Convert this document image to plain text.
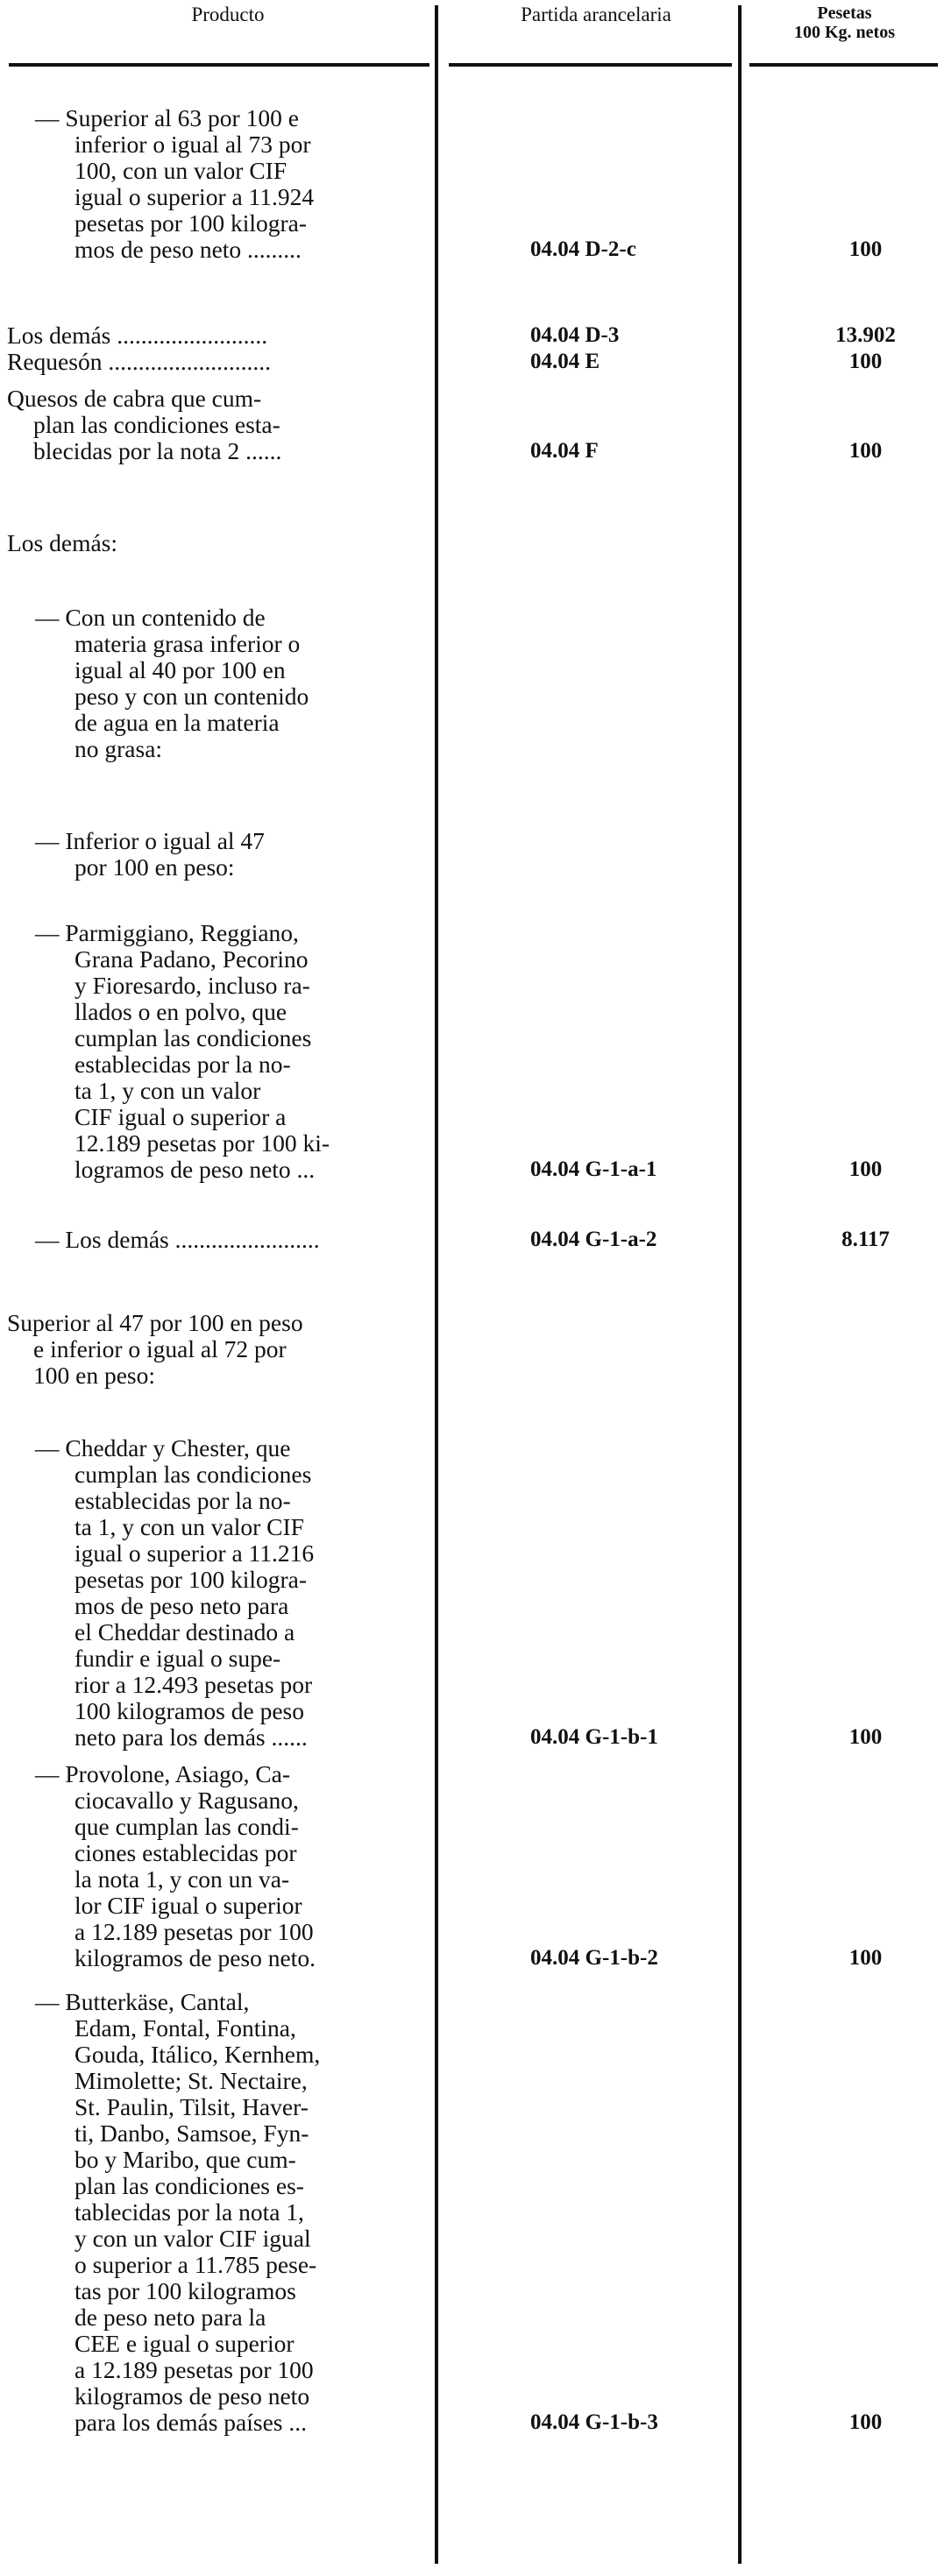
Producto	Partida arancelaria	Pesetas
100 Kg. netos
— Superior al 63 por 100 e
inferior o igual al 73 por
100, con un valor CIF
igual o superior a 11.924
pesetas por 100 kilogra-
mos de peso neto .........	04.04 D-2-c	100
Los demás .........................	04.04 D-3	13.902
Requesón ...........................	04.04 E	100
Quesos de cabra que cum-
plan las condiciones esta-
blecidas por la nota 2 ......	04.04 F	100
Los demás:
— Con un contenido de
materia grasa inferior o
igual al 40 por 100 en
peso y con un contenido
de agua en la materia
no grasa:
— Inferior o igual al 47
por 100 en peso:
— Parmiggiano, Reggiano,
Grana Padano, Pecorino
y Fioresardo, incluso ra-
llados o en polvo, que
cumplan las condiciones
establecidas por la no-
ta 1, y con un valor
CIF igual o superior a
12.189 pesetas por 100 ki-
logramos de peso neto ...	04.04 G-1-a-1	100
— Los demás ........................	04.04 G-1-a-2	8.117
Superior al 47 por 100 en peso
e inferior o igual al 72 por
100 en peso:
— Cheddar y Chester, que
cumplan las condiciones
establecidas por la no-
ta 1, y con un valor CIF
igual o superior a 11.216
pesetas por 100 kilogra-
mos de peso neto para
el Cheddar destinado a
fundir e igual o supe-
rior a 12.493 pesetas por
100 kilogramos de peso
neto para los demás ......	04.04 G-1-b-1	100
— Provolone, Asiago, Ca-
ciocavallo y Ragusano,
que cumplan las condi-
ciones establecidas por
la nota 1, y con un va-
lor CIF igual o superior
a 12.189 pesetas por 100
kilogramos de peso neto.	04.04 G-1-b-2	100
— Butterkäse, Cantal,
Edam, Fontal, Fontina,
Gouda, Itálico, Kernhem,
Mimolette; St. Nectaire,
St. Paulin, Tilsit, Haver-
ti, Danbo, Samsoe, Fyn-
bo y Maribo, que cum-
plan las condiciones es-
tablecidas por la nota 1,
y con un valor CIF igual
o superior a 11.785 pese-
tas por 100 kilogramos
de peso neto para la
CEE e igual o superior
a 12.189 pesetas por 100
kilogramos de peso neto
para los demás países ...	04.04 G-1-b-3	100
